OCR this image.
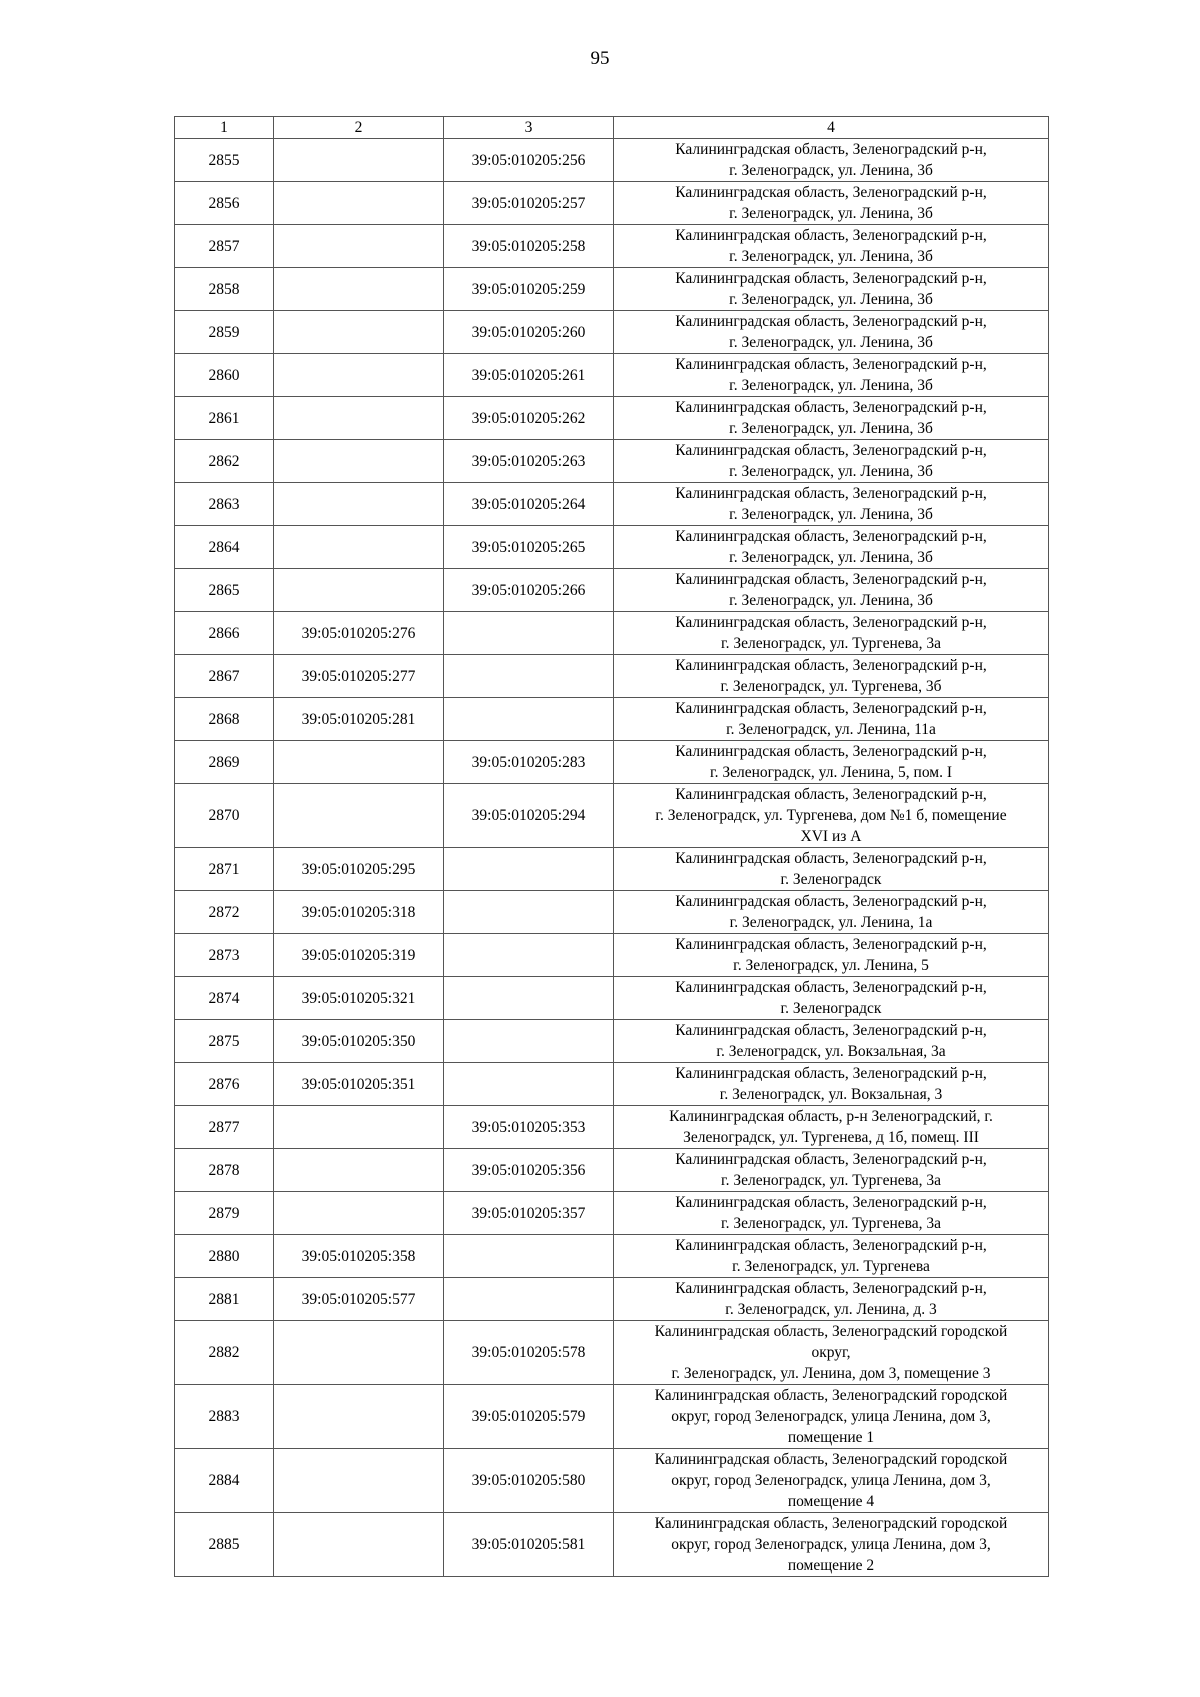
95
1	2	3	4
2855		39:05:010205:256	Калининградская область, Зеленоградский р-н,
г. Зеленоградск, ул. Ленина, 3б
2856		39:05:010205:257	Калининградская область, Зеленоградский р-н,
г. Зеленоградск, ул. Ленина, 3б
2857		39:05:010205:258	Калининградская область, Зеленоградский р-н,
г. Зеленоградск, ул. Ленина, 3б
2858		39:05:010205:259	Калининградская область, Зеленоградский р-н,
г. Зеленоградск, ул. Ленина, 3б
2859		39:05:010205:260	Калининградская область, Зеленоградский р-н,
г. Зеленоградск, ул. Ленина, 3б
2860		39:05:010205:261	Калининградская область, Зеленоградский р-н,
г. Зеленоградск, ул. Ленина, 3б
2861		39:05:010205:262	Калининградская область, Зеленоградский р-н,
г. Зеленоградск, ул. Ленина, 3б
2862		39:05:010205:263	Калининградская область, Зеленоградский р-н,
г. Зеленоградск, ул. Ленина, 3б
2863		39:05:010205:264	Калининградская область, Зеленоградский р-н,
г. Зеленоградск, ул. Ленина, 3б
2864		39:05:010205:265	Калининградская область, Зеленоградский р-н,
г. Зеленоградск, ул. Ленина, 3б
2865		39:05:010205:266	Калининградская область, Зеленоградский р-н,
г. Зеленоградск, ул. Ленина, 3б
2866	39:05:010205:276		Калининградская область, Зеленоградский р-н,
г. Зеленоградск, ул. Тургенева, 3а
2867	39:05:010205:277		Калининградская область, Зеленоградский р-н,
г. Зеленоградск, ул. Тургенева, 3б
2868	39:05:010205:281		Калининградская область, Зеленоградский р-н,
г. Зеленоградск, ул. Ленина, 11а
2869		39:05:010205:283	Калининградская область, Зеленоградский р-н,
г. Зеленоградск, ул. Ленина, 5, пом. I
2870		39:05:010205:294	Калининградская область, Зеленоградский р-н,
г. Зеленоградск, ул. Тургенева, дом №1 б, помещение
XVI из А
2871	39:05:010205:295		Калининградская область, Зеленоградский р-н,
г. Зеленоградск
2872	39:05:010205:318		Калининградская область, Зеленоградский р-н,
г. Зеленоградск, ул. Ленина, 1а
2873	39:05:010205:319		Калининградская область, Зеленоградский р-н,
г. Зеленоградск, ул. Ленина, 5
2874	39:05:010205:321		Калининградская область, Зеленоградский р-н,
г. Зеленоградск
2875	39:05:010205:350		Калининградская область, Зеленоградский р-н,
г. Зеленоградск, ул. Вокзальная, 3а
2876	39:05:010205:351		Калининградская область, Зеленоградский р-н,
г. Зеленоградск, ул. Вокзальная, 3
2877		39:05:010205:353	Калининградская область, р-н Зеленоградский, г.
Зеленоградск, ул. Тургенева, д 1б, помещ. III
2878		39:05:010205:356	Калининградская область, Зеленоградский р-н,
г. Зеленоградск, ул. Тургенева, 3а
2879		39:05:010205:357	Калининградская область, Зеленоградский р-н,
г. Зеленоградск, ул. Тургенева, 3а
2880	39:05:010205:358		Калининградская область, Зеленоградский р-н,
г. Зеленоградск, ул. Тургенева
2881	39:05:010205:577		Калининградская область, Зеленоградский р-н,
г. Зеленоградск, ул. Ленина, д. 3
2882		39:05:010205:578	Калининградская область, Зеленоградский городской
округ,
г. Зеленоградск, ул. Ленина, дом 3, помещение 3
2883		39:05:010205:579	Калининградская область, Зеленоградский городской
округ, город Зеленоградск, улица Ленина, дом 3,
помещение 1
2884		39:05:010205:580	Калининградская область, Зеленоградский городской
округ, город Зеленоградск, улица Ленина, дом 3,
помещение 4
2885		39:05:010205:581	Калининградская область, Зеленоградский городской
округ, город Зеленоградск, улица Ленина, дом 3,
помещение 2
